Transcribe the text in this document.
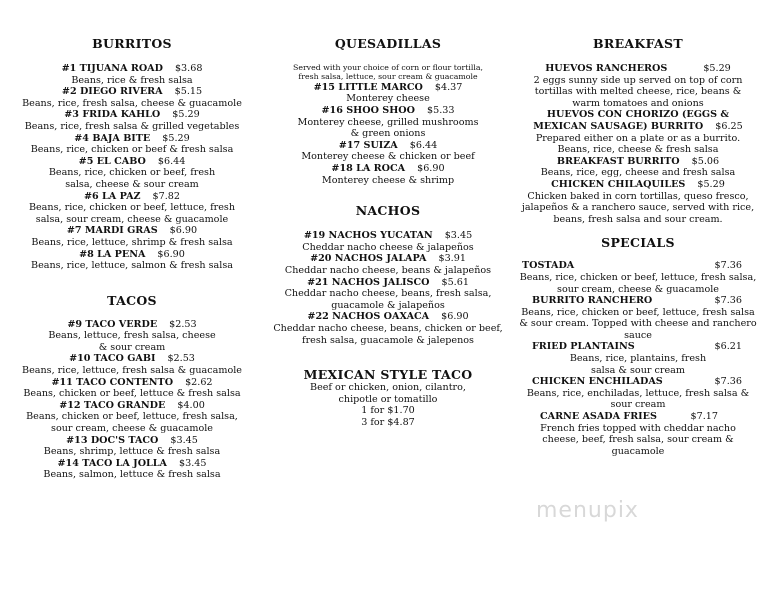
BURRITOS
#1 TIJUANA ROAD $3.68
Beans, rice & fresh salsa
#2 DIEGO RIVERA $5.15
Beans, rice, fresh salsa, cheese & guacamole
#3 FRIDA KAHLO $5.29
Beans, rice, fresh salsa & grilled vegetables
#4 BAJA BITE $5.29
Beans, rice, chicken or beef & fresh salsa
#5 EL CABO $6.44
Beans, rice, chicken or beef, fresh salsa, cheese & sour cream
#6 LA PAZ $7.82
Beans, rice, chicken or beef, lettuce, fresh salsa, sour cream, cheese & guacamole
#7 MARDI GRAS $6.90
Beans, rice, lettuce, shrimp & fresh salsa
#8 LA PENA $6.90
Beans, rice, lettuce, salmon & fresh salsa
TACOS
#9 TACO VERDE $2.53
Beans, lettuce, fresh salsa, cheese & sour cream
#10 TACO GABI $2.53
Beans, rice, lettuce, fresh salsa & guacamole
#11 TACO CONTENTO $2.62
Beans, chicken or beef, lettuce & fresh salsa
#12 TACO GRANDE $4.00
Beans, chicken or beef, lettuce, fresh salsa, sour cream, cheese & guacamole
#13 DOC'S TACO $3.45
Beans, shrimp, lettuce & fresh salsa
#14 TACO LA JOLLA $3.45
Beans, salmon, lettuce & fresh salsa
QUESADILLAS
Served with your choice of corn or flour tortilla, fresh salsa, lettuce, sour cream & guacamole
#15 LITTLE MARCO $4.37
Monterey cheese
#16 SHOO SHOO $5.33
Monterey cheese, grilled mushrooms & green onions
#17 SUIZA $6.44
Monterey cheese & chicken or beef
#18 LA ROCA $6.90
Monterey cheese & shrimp
NACHOS
#19 NACHOS YUCATAN $3.45
Cheddar nacho cheese & jalapeños
#20 NACHOS JALAPA $3.91
Cheddar nacho cheese, beans & jalapeños
#21 NACHOS JALISCO $5.61
Cheddar nacho cheese, beans, fresh salsa, guacamole & jalapeños
#22 NACHOS OAXACA $6.90
Cheddar nacho cheese, beans, chicken or beef, fresh salsa, guacamole & jalepenos
MEXICAN STYLE TACO
Beef or chicken, onion, cilantro, chipotle or tomatillo
1 for $1.70
3 for $4.87
BREAKFAST
HUEVOS RANCHEROS	$5.29
2 eggs sunny side up served on top of corn tortillas with melted cheese, rice, beans & warm tomatoes and onions
HUEVOS CON CHORIZO (EGGS & MEXICAN SAUSAGE) BURRITO $6.25
Prepared either on a plate or as a burrito. Beans, rice, cheese & fresh salsa
BREAKFAST BURRITO $5.06
Beans, rice, egg, cheese and fresh salsa
CHICKEN CHILAQUILES $5.29
Chicken baked in corn tortillas, queso fresco, jalapeños & a ranchero sauce, served with rice, beans, fresh salsa and sour cream.
SPECIALS
TOSTADA	$7.36
Beans, rice, chicken or beef, lettuce, fresh salsa, sour cream, cheese & guacamole
BURRITO RANCHERO	$7.36
Beans, rice, chicken or beef, lettuce, fresh salsa & sour cream. Topped with cheese and ranchero sauce
FRIED PLANTAINS	$6.21
Beans, rice, plantains, fresh salsa & sour cream
CHICKEN ENCHILADAS	$7.36
Beans, rice, enchiladas, lettuce, fresh salsa & sour cream
CARNE ASADA FRIES	$7.17
French fries topped with cheddar nacho cheese, beef, fresh salsa, sour cream & guacamole
menupix
